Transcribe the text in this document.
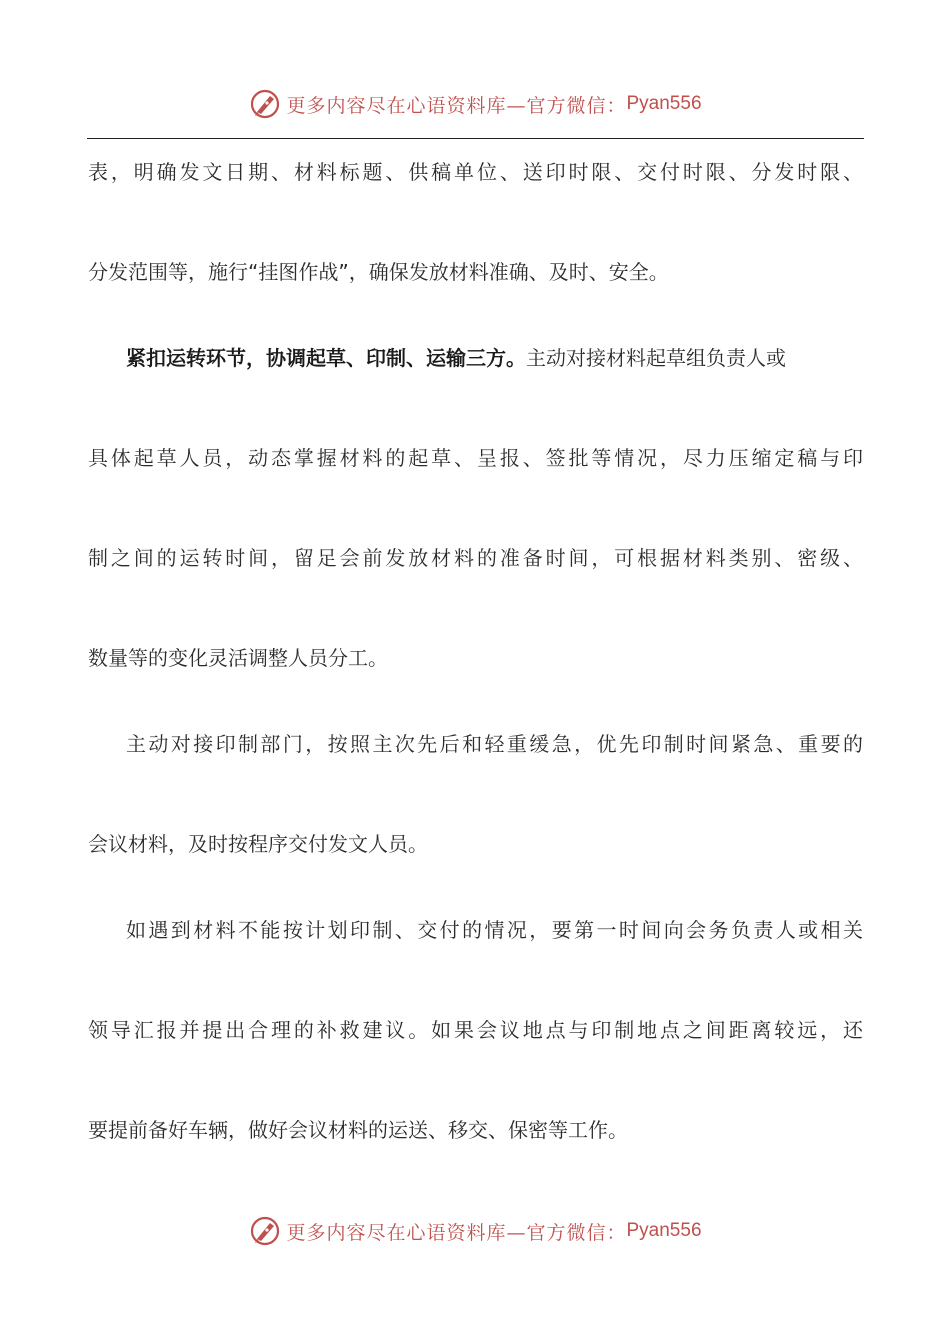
更多内容尽在心语资料库—官方微信： Pyan556
表，明确发文日期、材料标题、供稿单位、送印时限、交付时限、分发时限、
分发范围等，施行“挂图作战”，确保发放材料准确、及时、安全。
紧扣运转环节，协调起草、印制、运输三方。主动对接材料起草组负责人或
具体起草人员，动态掌握材料的起草、呈报、签批等情况，尽力压缩定稿与印
制之间的运转时间，留足会前发放材料的准备时间，可根据材料类别、密级、
数量等的变化灵活调整人员分工。
主动对接印制部门，按照主次先后和轻重缓急，优先印制时间紧急、重要的
会议材料，及时按程序交付发文人员。
如遇到材料不能按计划印制、交付的情况，要第一时间向会务负责人或相关
领导汇报并提出合理的补救建议。如果会议地点与印制地点之间距离较远，还
要提前备好车辆，做好会议材料的运送、移交、保密等工作。
更多内容尽在心语资料库—官方微信： Pyan556
